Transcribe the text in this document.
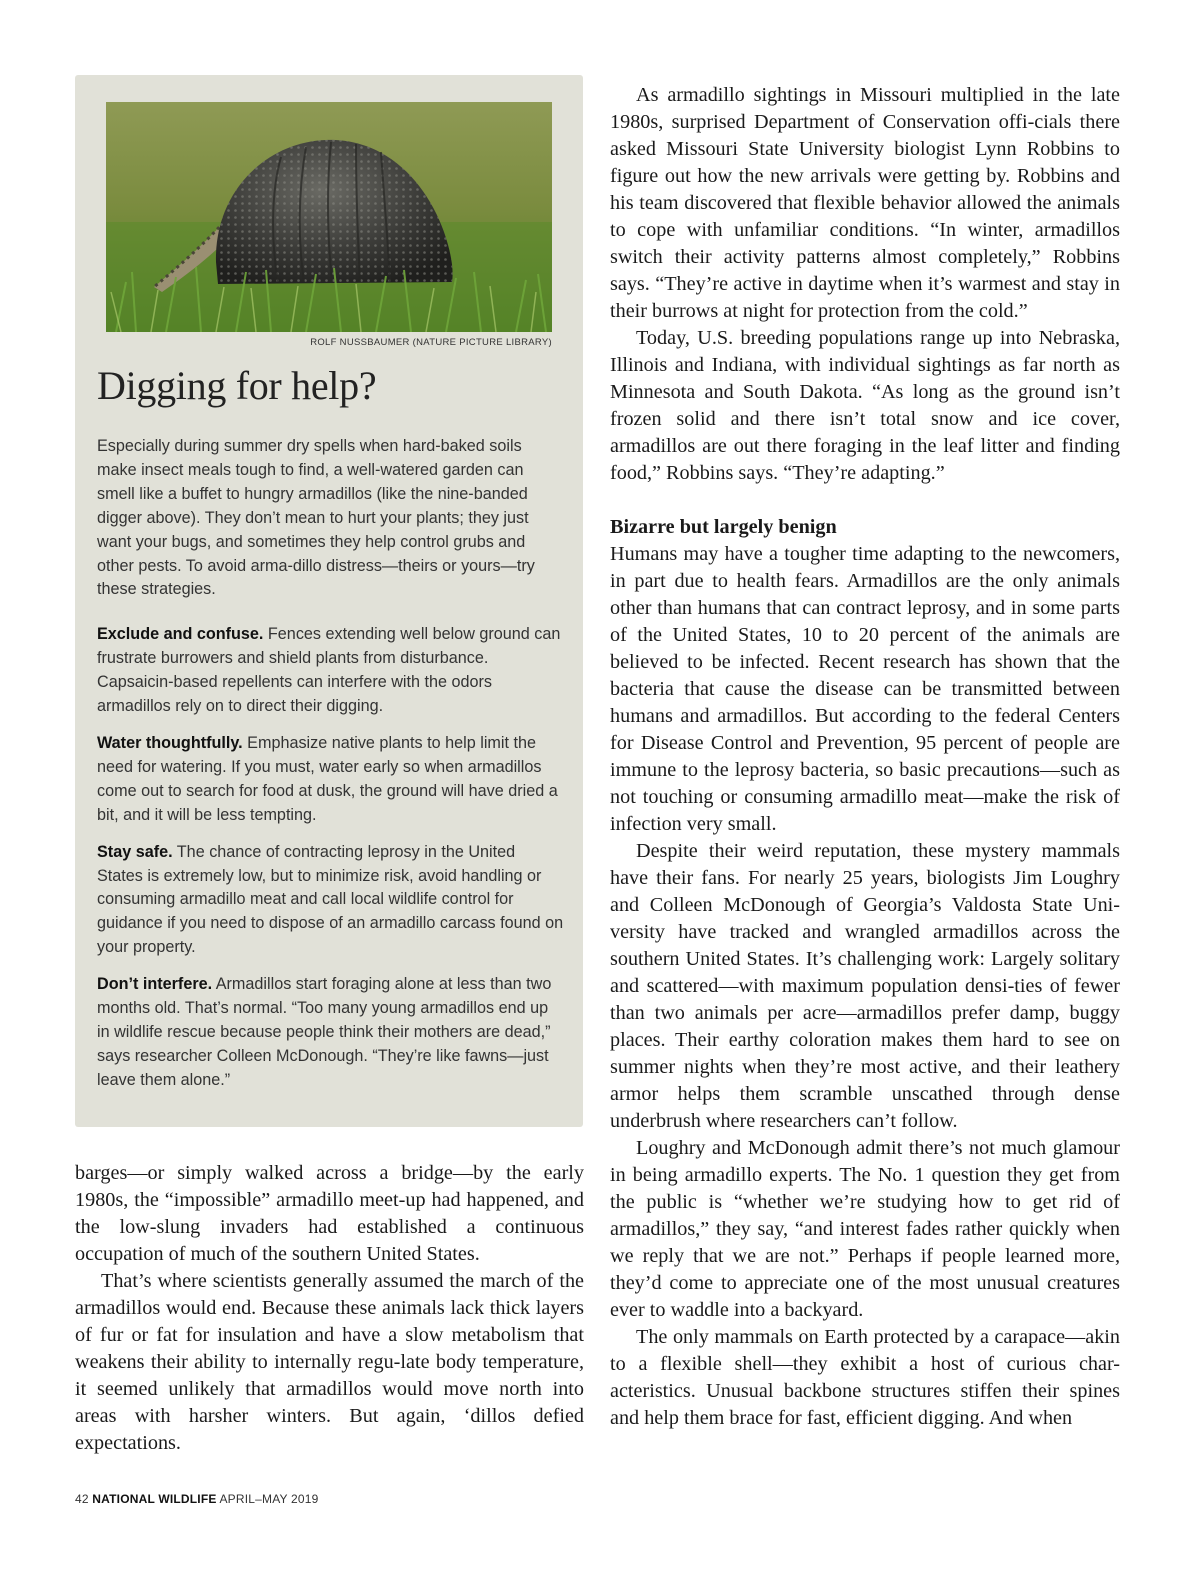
ROLF NUSSBAUMER (NATURE PICTURE LIBRARY)
Digging for help?

Especially during summer dry spells when hard-baked soils make insect meals tough to find, a well-watered garden can smell like a buffet to hungry armadillos (like the nine-banded digger above). They don’t mean to hurt your plants; they just want your bugs, and sometimes they help control grubs and other pests. To avoid arma-dillo distress—theirs or yours—try these strategies.

Exclude and confuse. Fences extending well below ground can frustrate burrowers and shield plants from disturbance. Capsaicin-based repellents can interfere with the odors armadillos rely on to direct their digging.

Water thoughtfully. Emphasize native plants to help limit the need for watering. If you must, water early so when armadillos come out to search for food at dusk, the ground will have dried a bit, and it will be less tempting.

Stay safe. The chance of contracting leprosy in the United States is extremely low, but to minimize risk, avoid handling or consuming armadillo meat and call local wildlife control for guidance if you need to dispose of an armadillo carcass found on your property.

Don’t interfere. Armadillos start foraging alone at less than two months old. That’s normal. “Too many young armadillos end up in wildlife rescue because people think their mothers are dead,” says researcher Colleen McDonough. “They’re like fawns—just leave them alone.”

barges—or simply walked across a bridge—by the early 1980s, the “impossible” armadillo meet-up had happened, and the low-slung invaders had established a continuous occupation of much of the southern United States.

That’s where scientists generally assumed the march of the armadillos would end. Because these animals lack thick layers of fur or fat for insulation and have a slow metabolism that weakens their ability to internally regu-late body temperature, it seemed unlikely that armadillos would move north into areas with harsher winters. But again, ‘dillos defied expectations.

As armadillo sightings in Missouri multiplied in the late 1980s, surprised Department of Conservation offi-cials there asked Missouri State University biologist Lynn Robbins to figure out how the new arrivals were getting by. Robbins and his team discovered that flexible behavior allowed the animals to cope with unfamiliar conditions. “In winter, armadillos switch their activity patterns almost completely,” Robbins says. “They’re active in daytime when it’s warmest and stay in their burrows at night for protection from the cold.”

Today, U.S. breeding populations range up into Nebraska, Illinois and Indiana, with individual sightings as far north as Minnesota and South Dakota. “As long as the ground isn’t frozen solid and there isn’t total snow and ice cover, armadillos are out there foraging in the leaf litter and finding food,” Robbins says. “They’re adapting.”

Bizarre but largely benign

Humans may have a tougher time adapting to the newcomers, in part due to health fears. Armadillos are the only animals other than humans that can contract leprosy, and in some parts of the United States, 10 to 20 percent of the animals are believed to be infected. Recent research has shown that the bacteria that cause the disease can be transmitted between humans and armadillos. But according to the federal Centers for Disease Control and Prevention, 95 percent of people are immune to the leprosy bacteria, so basic precautions—such as not touching or consuming armadillo meat—make the risk of infection very small.

Despite their weird reputation, these mystery mammals have their fans. For nearly 25 years, biologists Jim Loughry and Colleen McDonough of Georgia’s Valdosta State Uni-versity have tracked and wrangled armadillos across the southern United States. It’s challenging work: Largely solitary and scattered—with maximum population densi-ties of fewer than two animals per acre—armadillos prefer damp, buggy places. Their earthy coloration makes them hard to see on summer nights when they’re most active, and their leathery armor helps them scramble unscathed through dense underbrush where researchers can’t follow.

Loughry and McDonough admit there’s not much glamour in being armadillo experts. The No. 1 question they get from the public is “whether we’re studying how to get rid of armadillos,” they say, “and interest fades rather quickly when we reply that we are not.” Perhaps if people learned more, they’d come to appreciate one of the most unusual creatures ever to waddle into a backyard.

The only mammals on Earth protected by a carapace—akin to a flexible shell—they exhibit a host of curious char-acteristics. Unusual backbone structures stiffen their spines and help them brace for fast, efficient digging. And when

42 NATIONAL WILDLIFE APRIL–MAY 2019
